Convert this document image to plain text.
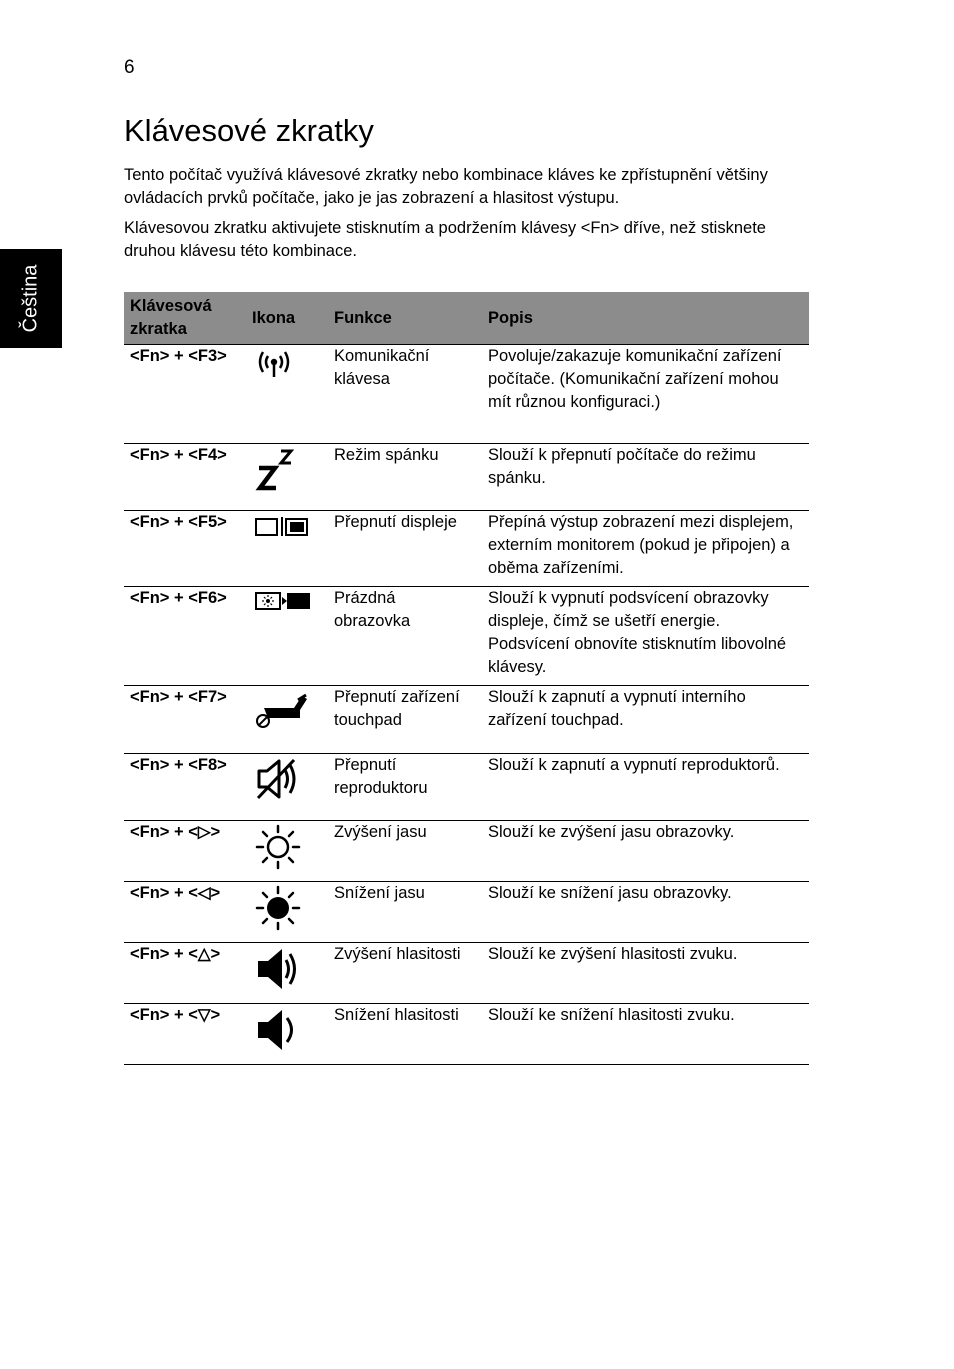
6
Čeština
Klávesové zkratky

Tento počítač využívá klávesové zkratky nebo kombinace kláves ke zpřístupnění většiny ovládacích prvků počítače, jako je jas zobrazení a hlasitost výstupu.

Klávesovou zkratku aktivujete stisknutím a podržením klávesy <Fn> dříve, než stisknete druhou klávesu této kombinace.

Klávesová zkratka	Ikona	Funkce	Popis
<Fn> + <F3>		Komunikační klávesa	Povoluje/zakazuje komunikační zařízení počítače. (Komunikační zařízení mohou mít různou konfiguraci.)
<Fn> + <F4>		Režim spánku	Slouží k přepnutí počítače do režimu spánku.
<Fn> + <F5>		Přepnutí displeje	Přepíná výstup zobrazení mezi displejem, externím monitorem (pokud je připojen) a oběma zařízeními.
<Fn> + <F6>		Prázdná obrazovka	Slouží k vypnutí podsvícení obrazovky displeje, čímž se ušetří energie. Podsvícení obnovíte stisknutím libovolné klávesy.
<Fn> + <F7>		Přepnutí zařízení touchpad	Slouží k zapnutí a vypnutí interního zařízení touchpad.
<Fn> + <F8>		Přepnutí reproduktoru	Slouží k zapnutí a vypnutí reproduktorů.
<Fn> + <▷>		Zvýšení jasu	Slouží ke zvýšení jasu obrazovky.
<Fn> + <◁>		Snížení jasu	Slouží ke snížení jasu obrazovky.
<Fn> + <△>		Zvýšení hlasitosti	Slouží ke zvýšení hlasitosti zvuku.
<Fn> + <▽>		Snížení hlasitosti	Slouží ke snížení hlasitosti zvuku.
